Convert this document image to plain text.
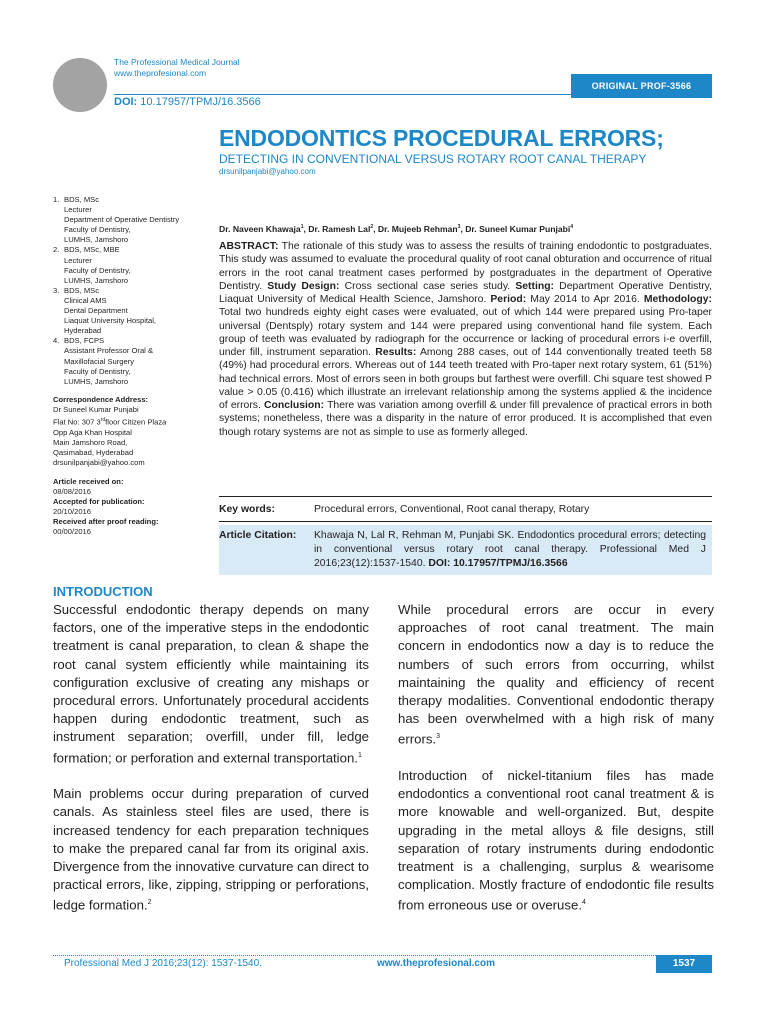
The Professional Medical Journal
www.theprofesional.com
DOI: 10.17957/TPMJ/16.3566
ORIGINAL PROF-3566
ENDODONTICS PROCEDURAL ERRORS;
DETECTING IN CONVENTIONAL VERSUS ROTARY ROOT CANAL THERAPY
drsunilpanjabi@yahoo.com
1. BDS, MSc
Lecturer
Department of Operative Dentistry
Faculty of Dentistry,
LUMHS, Jamshoro
2. BDS, MSc, MBE
Lecturer
Faculty of Dentistry,
LUMHS, Jamshoro
3. BDS, MSc
Clinical AMS
Dental Department
Liaquat University Hospital,
Hyderabad
4. BDS, FCPS
Assistant Professor Oral &
Maxillofacial Surgery
Faculty of Dentistry,
LUMHS, Jamshoro
Correspondence Address:
Dr Suneel Kumar Punjabi
Flat No: 307 3rdfloor Citizen Plaza
Opp Aga Khan Hospital
Main Jamshoro Road,
Qasimabad, Hyderabad
drsunilpanjabi@yahoo.com
Article received on:
08/08/2016
Accepted for publication:
20/10/2016
Received after proof reading:
00/00/2016
Dr. Naveen Khawaja$^1$, Dr. Ramesh Lal$^2$, Dr. Mujeeb Rehman$^3$, Dr. Suneel Kumar Punjabi$^4$
ABSTRACT: The rationale of this study was to assess the results of training endodontic to postgraduates. This study was assumed to evaluate the procedural quality of root canal obturation and occurrence of ritual errors in the root canal treatment cases performed by postgraduates in the department of Operative Dentistry. Study Design: Cross sectional case series study. Setting: Department Operative Dentistry, Liaquat University of Medical Health Science, Jamshoro. Period: May 2014 to Apr 2016. Methodology: Total two hundreds eighty eight cases were evaluated, out of which 144 were prepared using Pro-taper universal (Dentsply) rotary system and 144 were prepared using conventional hand file system. Each group of teeth was evaluated by radiograph for the occurrence or lacking of procedural errors i-e overfill, under fill, instrument separation. Results: Among 288 cases, out of 144 conventionally treated teeth 58 (49%) had procedural errors. Whereas out of 144 teeth treated with Pro-taper next rotary system, 61 (51%) had technical errors. Most of errors seen in both groups but farthest were overfill. Chi square test showed P value > 0.05 (0.416) which illustrate an irrelevant relationship among the systems applied & the incidence of errors. Conclusion: There was variation among overfill & under fill prevalence of practical errors in both systems; nonetheless, there was a disparity in the nature of error produced. It is accomplished that even though rotary systems are not as simple to use as formerly alleged.
Key words:	Procedural errors, Conventional, Root canal therapy, Rotary
Article Citation:	Khawaja N, Lal R, Rehman M, Punjabi SK. Endodontics procedural errors; detecting in conventional versus rotary root canal therapy. Professional Med J 2016;23(12):1537-1540. DOI: 10.17957/TPMJ/16.3566
INTRODUCTION

Successful endodontic therapy depends on many factors, one of the imperative steps in the endodontic treatment is canal preparation, to clean & shape the root canal system efficiently while maintaining its configuration exclusive of creating any mishaps or procedural errors. Unfortunately procedural accidents happen during endodontic treatment, such as instrument separation; overfill, under fill, ledge formation; or perforation and external transportation.$^1$

Main problems occur during preparation of curved canals. As stainless steel files are used, there is increased tendency for each preparation techniques to make the prepared canal far from its original axis. Divergence from the innovative curvature can direct to practical errors, like, zipping, stripping or perforations, ledge formation.$^2$

While procedural errors are occur in every approaches of root canal treatment. The main concern in endodontics now a day is to reduce the numbers of such errors from occurring, whilst maintaining the quality and efficiency of recent therapy modalities. Conventional endodontic therapy has been overwhelmed with a high risk of many errors.$^3$

Introduction of nickel-titanium files has made endodontics a conventional root canal treatment & is more knowable and well-organized. But, despite upgrading in the metal alloys & file designs, still separation of rotary instruments during endodontic treatment is a challenging, surplus & wearisome complication. Mostly fracture of endodontic file results from erroneous use or overuse.$^4$

Professional Med J 2016;23(12): 1537-1540.	www.theprofesional.com	1537
